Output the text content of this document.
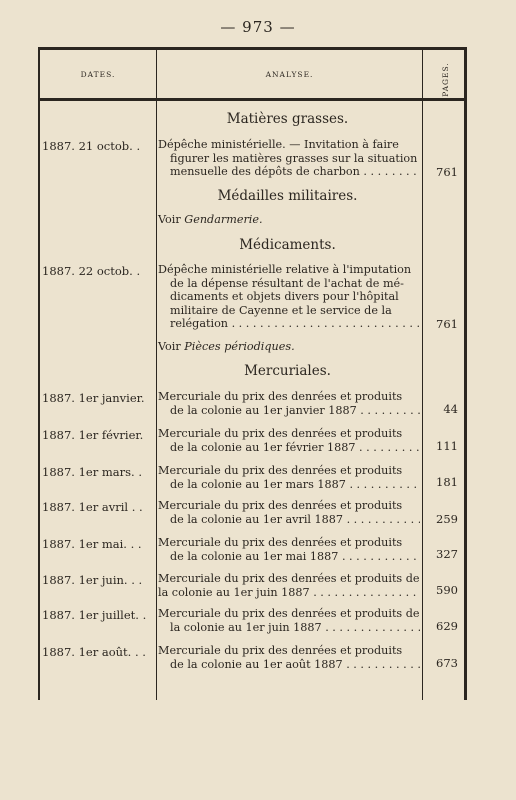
— 973 —
DATES.	ANALYSE.	PAGES.
Matières grasses.
1887. 21 octob. .	Dépêche ministérielle. — Invitation à faire
figurer les matières grasses sur la situation
mensuelle des dépôts de charbon . . .	761
Médailles militaires.
Voir Gendarmerie.
Médicaments.
1887. 22 octob. .	Dépêche ministérielle relative à l'imputation
de la dépense résultant de l'achat de mé-
dicaments et objets divers pour l'hôpital
militaire de Cayenne et le service de la
relégation . . .	761
Voir Pièces périodiques.
Mercuriales.
1887. 1er janvier.	Mercuriale du prix des denrées et produits
de la colonie au 1er janvier 1887 . . .	44
1887. 1er février.	Mercuriale du prix des denrées et produits
de la colonie au 1er février 1887 . . .	111
1887. 1er mars. .	Mercuriale du prix des denrées et produits
de la colonie au 1er mars 1887 . . .	181
1887. 1er avril . .	Mercuriale du prix des denrées et produits
de la colonie au 1er avril 1887 . . .	259
1887. 1er mai. . .	Mercuriale du prix des denrées et produits
de la colonie au 1er mai 1887 . . .	327
1887. 1er juin. . .	Mercuriale du prix des denrées et produits de
la colonie au 1er juin 1887 . . .	590
1887. 1er juillet. .	Mercuriale du prix des denrées et produits de
la colonie au 1er juin 1887 . . .	629
1887. 1er août. . .	Mercuriale du prix des denrées et produits
de la colonie au 1er août 1887 . . .	673
